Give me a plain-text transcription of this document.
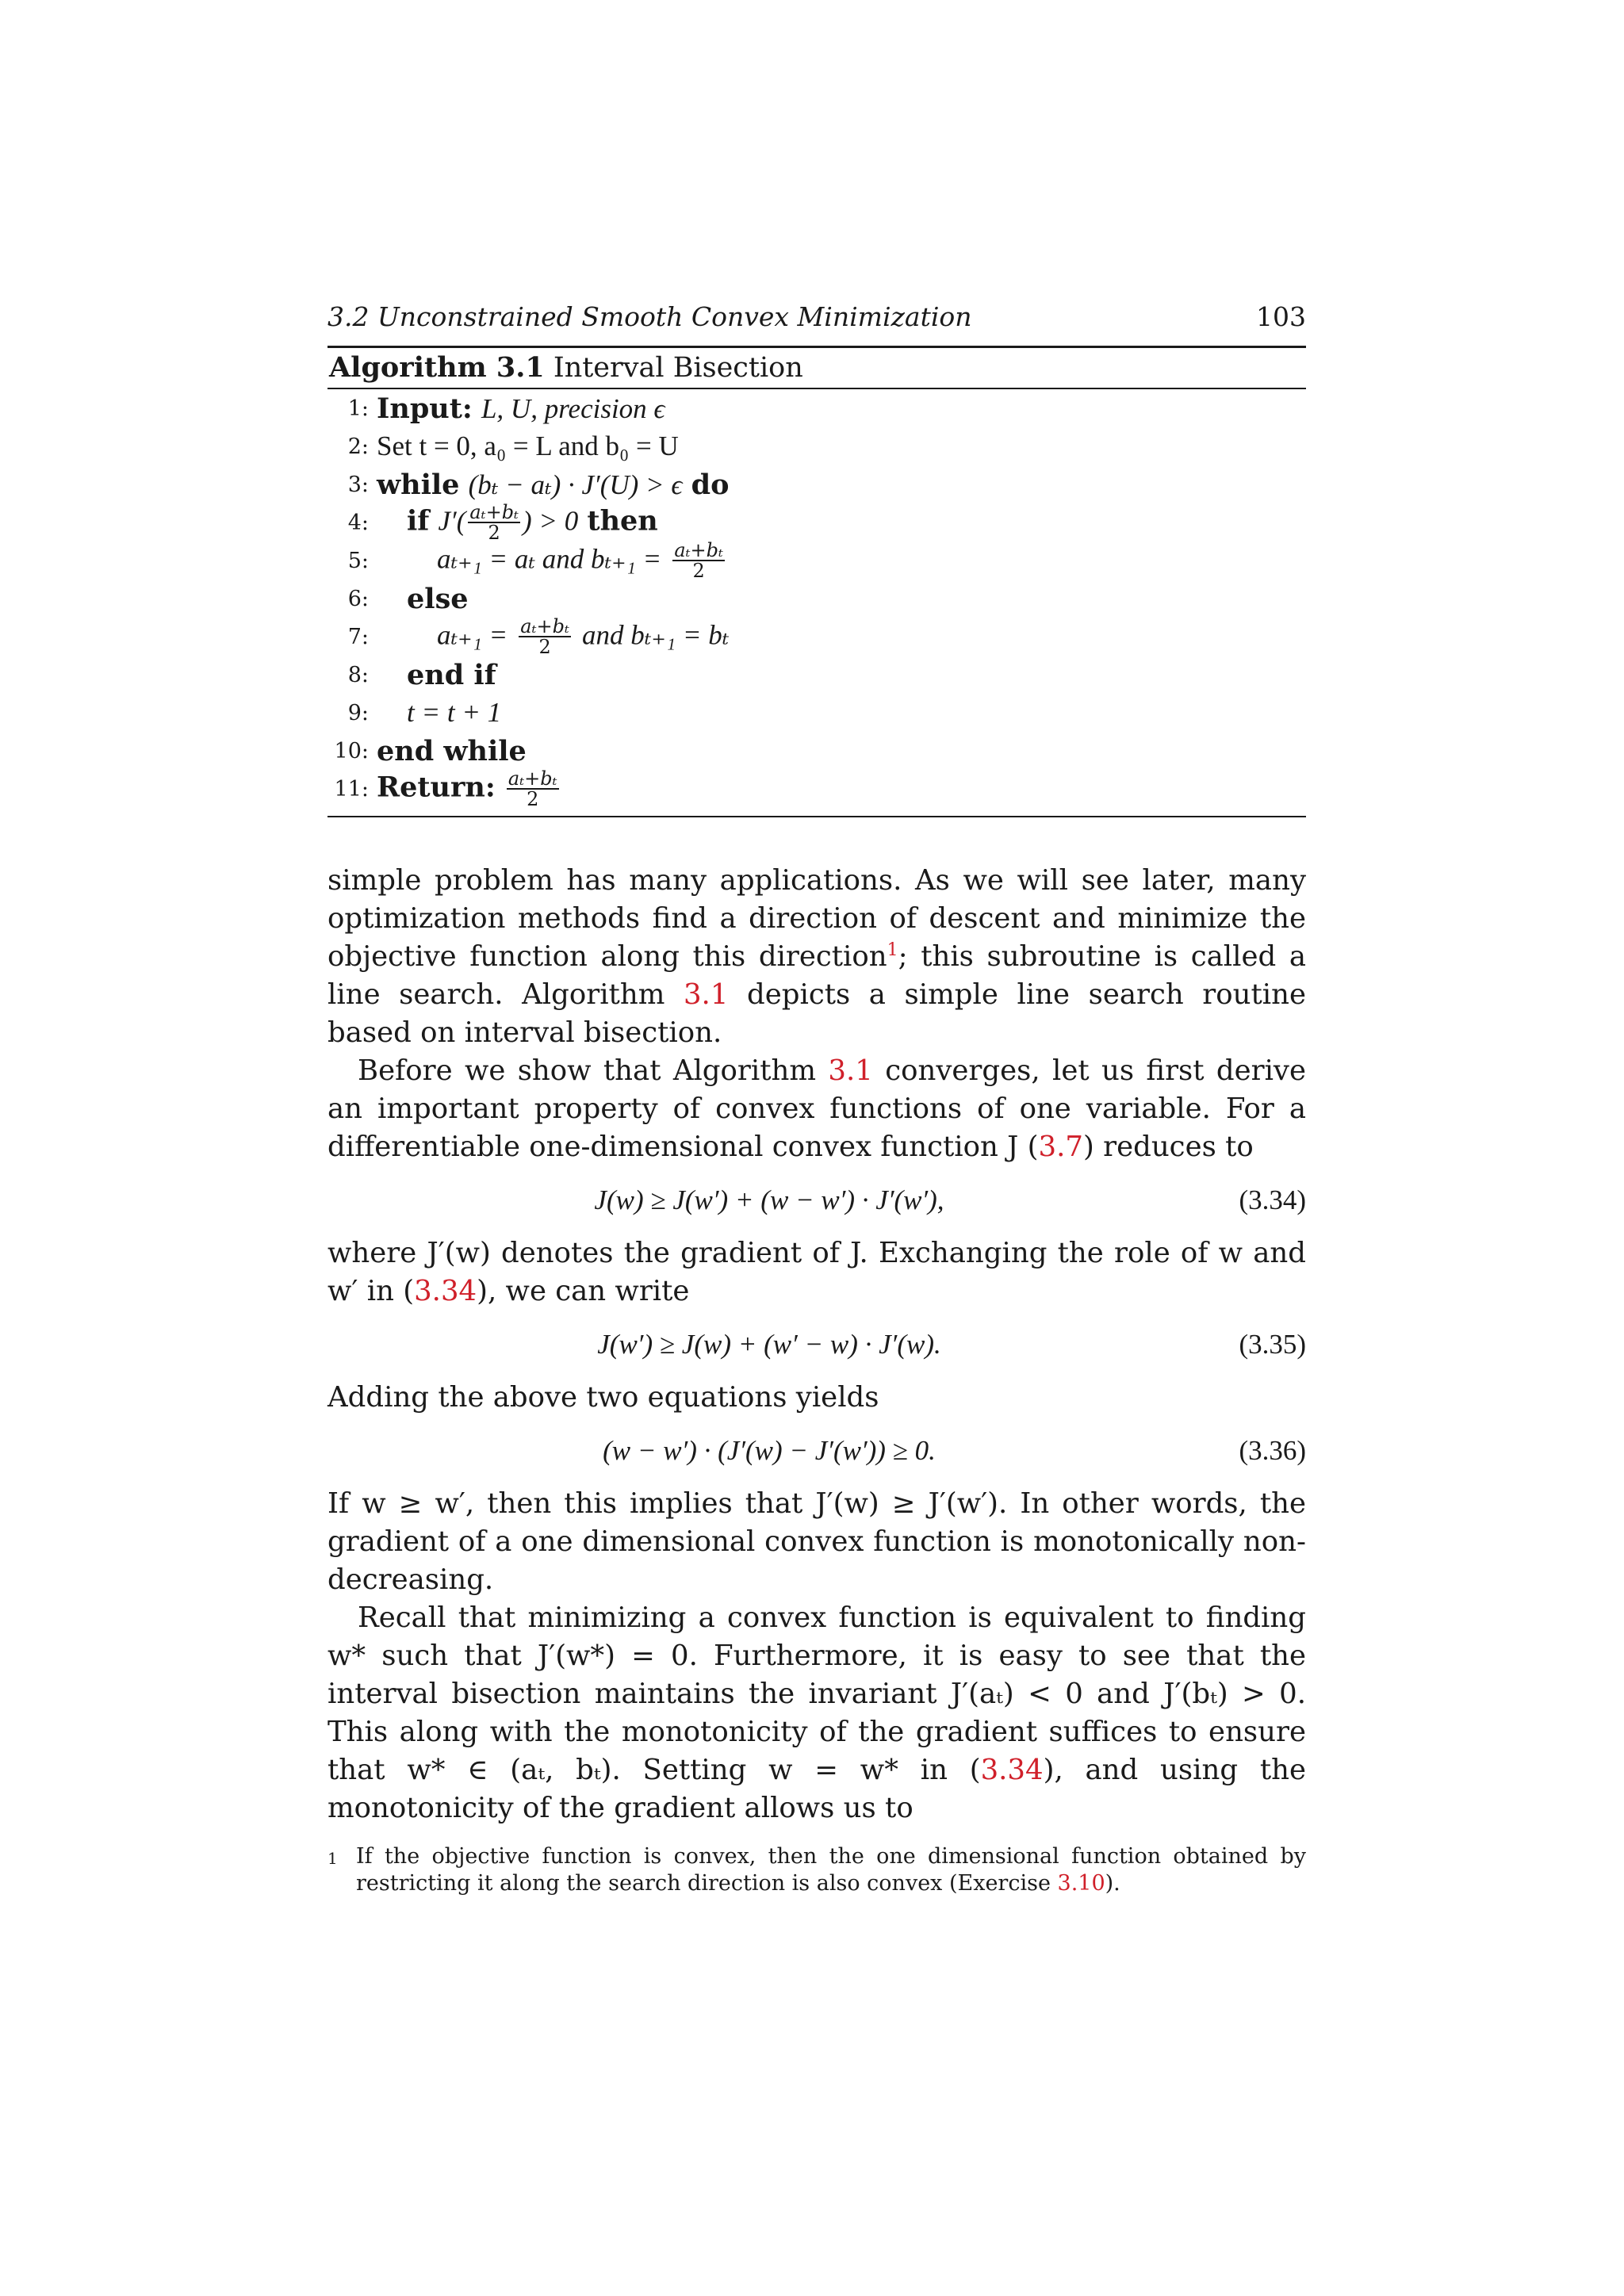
3.2 Unconstrained Smooth Convex Minimization	103
Algorithm 3.1 Interval Bisection
1: Input: L, U, precision ϵ
2: Set t = 0, a₀ = L and b₀ = U
3: while (bₜ − aₜ) · J′(U) > ϵ do
4:	if $J'( \frac{\text{aₜ+bₜ}}{2}$ ) > 0 then
5:	aₜ₊₁ = aₜ and $b_{t+1} = \frac{\text{aₜ+bₜ}}{2}$
6:	else
7:	$a_{t+1} = \frac{\text{aₜ+bₜ}}{2}$ and bₜ₊₁ = bₜ
8:	end if
9:	t = t + 1
10: end while
11: Return: $\frac{\text{aₜ+bₜ}}{2}$

simple problem has many applications. As we will see later, many optimization methods find a direction of descent and minimize the objective function along this direction$^1$; this subroutine is called a line search. Algorithm 3.1 depicts a simple line search routine based on interval bisection.

Before we show that Algorithm 3.1 converges, let us first derive an important property of convex functions of one variable. For a differentiable one-dimensional convex function J (3.7) reduces to

J(w) ≥ J(w′) + (w − w′) · J′(w′),	(3.34)

where J′(w) denotes the gradient of J. Exchanging the role of w and w′ in (3.34), we can write

J(w′) ≥ J(w) + (w′ − w) · J′(w).	(3.35)

Adding the above two equations yields

(w − w′) · (J′(w) − J′(w′)) ≥ 0.	(3.36)

If w ≥ w′, then this implies that J′(w) ≥ J′(w′). In other words, the gradient of a one dimensional convex function is monotonically non-decreasing.

Recall that minimizing a convex function is equivalent to finding w* such that J′(w*) = 0. Furthermore, it is easy to see that the interval bisection maintains the invariant J′(aₜ) < 0 and J′(bₜ) > 0. This along with the monotonicity of the gradient suffices to ensure that w* ∈ (aₜ, bₜ). Setting w = w* in (3.34), and using the monotonicity of the gradient allows us to

1 If the objective function is convex, then the one dimensional function obtained by restricting it along the search direction is also convex (Exercise 3.10).
